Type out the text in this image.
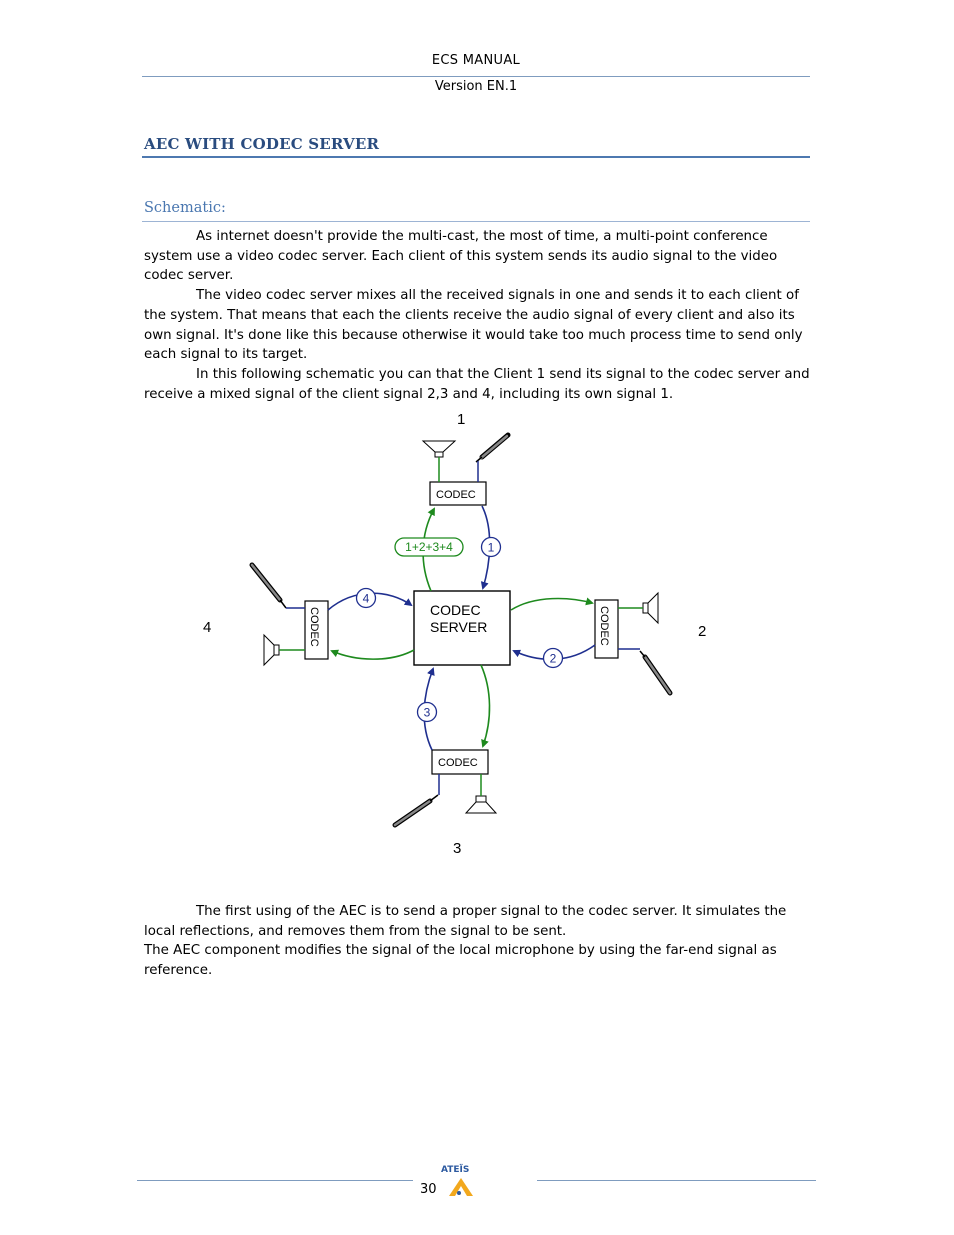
ECS MANUAL
Version EN.1
AEC WITH CODEC SERVER
Schematic:

As internet doesn't provide the multi-cast, the most of time, a multi-point conference system use a video codec server. Each client of this system sends its audio signal to the video codec server.

The video codec server mixes all the received signals in one and sends it to each client of the system. That means that each the clients receive the audio signal of every client and also its own signal. It's done like this because otherwise it would take too much process time to send only each signal to its target.

In this following schematic you can that the Client 1 send its signal to the codec server and receive a mixed signal of the client signal 2,3 and 4, including its own signal 1.

1
2
3
4
CODEC
SERVER
CODEC
CODEC
CODEC	CODEC
1+2+3+4	1
2
3
4

The first using of the AEC is to send a proper signal to the codec server. It simulates the local reflections, and removes them from the signal to be sent.

The AEC component modifies the signal of the local microphone by using the far-end signal as reference.

30
ATEÏS
